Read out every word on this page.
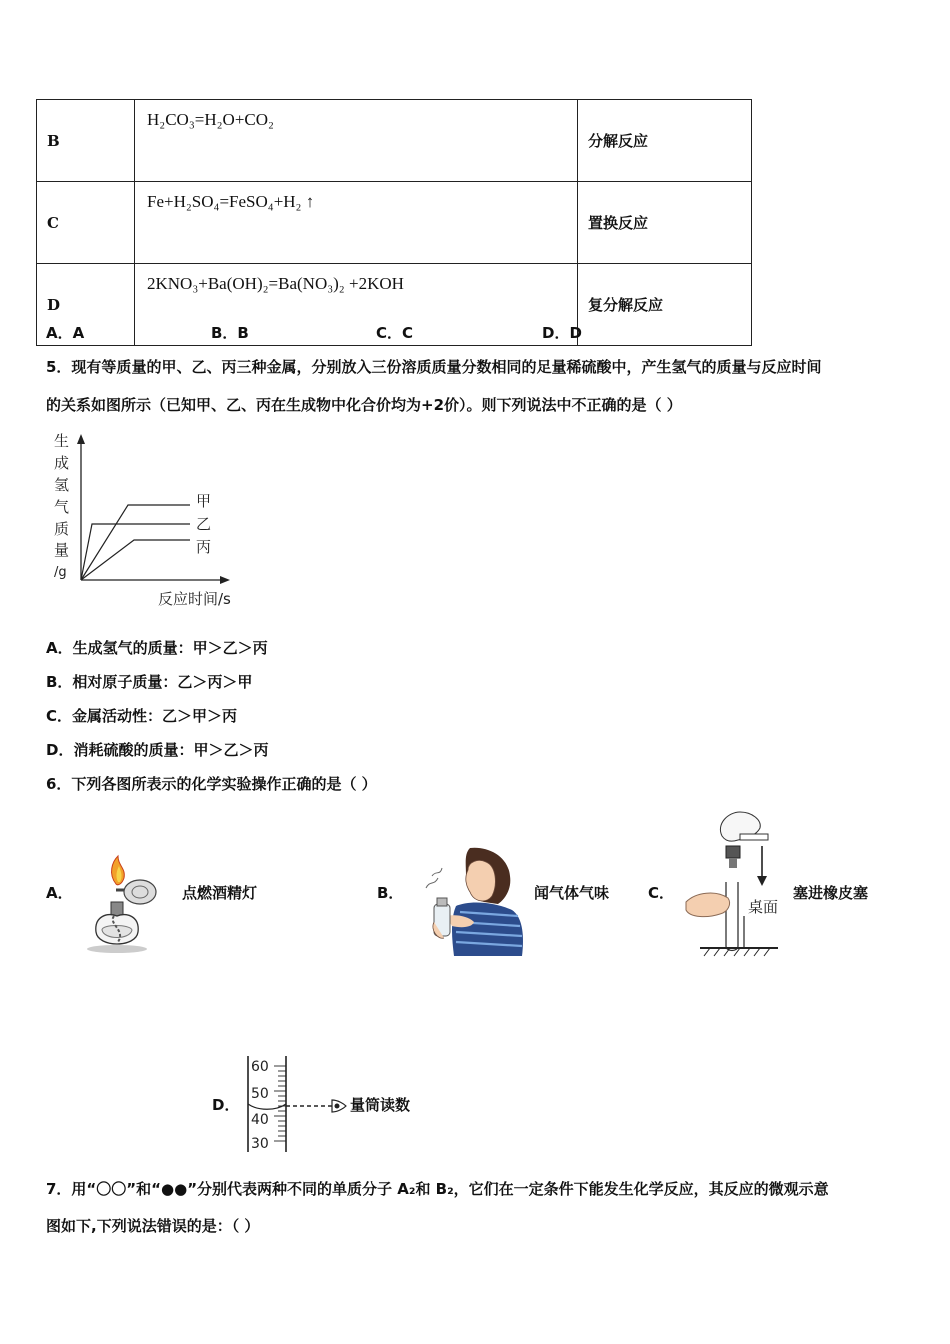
B	H₂CO₃=H₂O+CO₂	分解反应
C	Fe+H₂SO₄=FeSO₄+H₂ ↑	置换反应
D	2KNO₃+Ba(OH)₂=Ba(NO₃)₂ +2KOH	复分解反应
A．A	B．B	C．C	D．D
5．现有等质量的甲、乙、丙三种金属，分别放入三份溶质质量分数相同的足量稀硫酸中，产生氢气的质量与反应时间
的关系如图所示（已知甲、乙、丙在生成物中化合价均为+2价）。则下列说法中不正确的是（ ）
生
成
氢
气
质
量
/g
甲
乙
丙
反应时间/s
A．生成氢气的质量：甲＞乙＞丙
B．相对原子质量：乙＞丙＞甲
C．金属活动性：乙＞甲＞丙
D．消耗硫酸的质量：甲＞乙＞丙
6．下列各图所表示的化学实验操作正确的是（ ）
A．	点燃酒精灯	B．	闻气体气味	C．
桌面
塞进橡皮塞
D．
60
50
40
30
量筒读数
7．用“〇〇”和“●●”分别代表两种不同的单质分子 A₂和 B₂，它们在一定条件下能发生化学反应，其反应的微观示意
图如下,下列说法错误的是：（ ）
